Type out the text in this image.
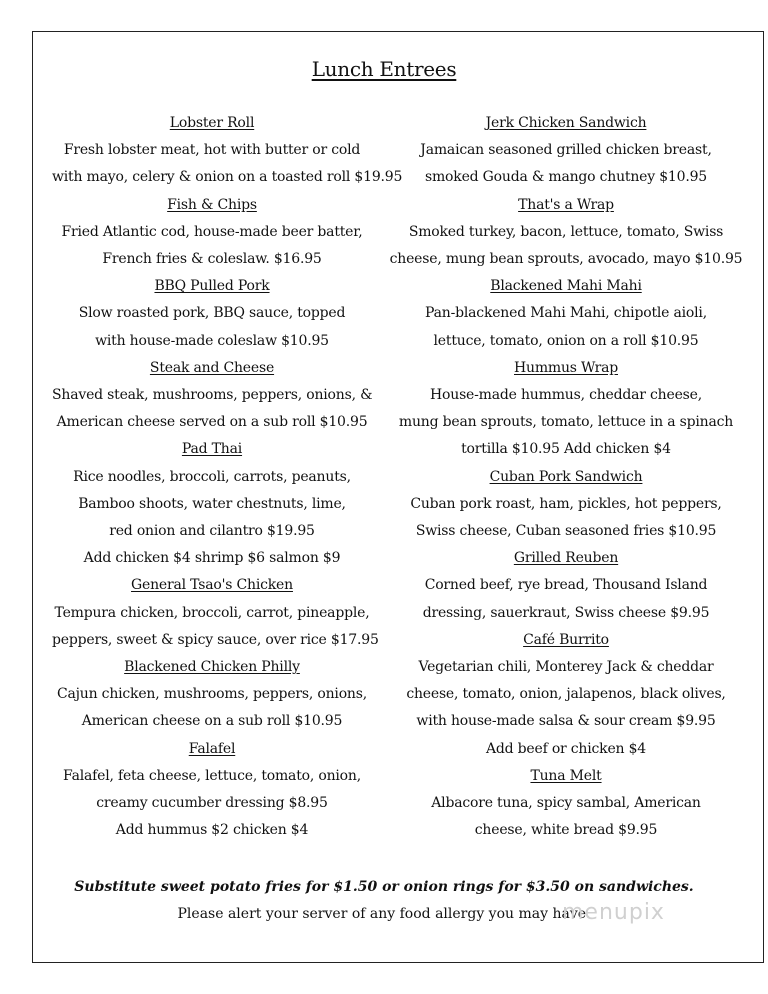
Lunch Entrees
Lobster Roll
Fresh lobster meat, hot with butter or cold
with mayo, celery & onion on a toasted roll $19.95
Fish & Chips
Fried Atlantic cod, house-made beer batter,
French fries & coleslaw. $16.95
BBQ Pulled Pork
Slow roasted pork, BBQ sauce, topped
with house-made coleslaw $10.95
Steak and Cheese
Shaved steak, mushrooms, peppers, onions, &
American cheese served on a sub roll $10.95
Pad Thai
Rice noodles, broccoli, carrots, peanuts,
Bamboo shoots, water chestnuts, lime,
red onion and cilantro $19.95
Add chicken $4 shrimp $6 salmon $9
General Tsao's Chicken
Tempura chicken, broccoli, carrot, pineapple,
peppers, sweet & spicy sauce, over rice $17.95
Blackened Chicken Philly
Cajun chicken, mushrooms, peppers, onions,
American cheese on a sub roll $10.95
Falafel
Falafel, feta cheese, lettuce, tomato, onion,
creamy cucumber dressing $8.95
Add hummus $2 chicken $4
Jerk Chicken Sandwich
Jamaican seasoned grilled chicken breast,
smoked Gouda & mango chutney $10.95
That's a Wrap
Smoked turkey, bacon, lettuce, tomato, Swiss
cheese, mung bean sprouts, avocado, mayo $10.95
Blackened Mahi Mahi
Pan-blackened Mahi Mahi, chipotle aioli,
lettuce, tomato, onion on a roll $10.95
Hummus Wrap
House-made hummus, cheddar cheese,
mung bean sprouts, tomato, lettuce in a spinach
tortilla $10.95 Add chicken $4
Cuban Pork Sandwich
Cuban pork roast, ham, pickles, hot peppers,
Swiss cheese, Cuban seasoned fries $10.95
Grilled Reuben
Corned beef, rye bread, Thousand Island
dressing, sauerkraut, Swiss cheese $9.95
Café Burrito
Vegetarian chili, Monterey Jack & cheddar
cheese, tomato, onion, jalapenos, black olives,
with house-made salsa & sour cream $9.95
Add beef or chicken $4
Tuna Melt
Albacore tuna, spicy sambal, American
cheese, white bread $9.95
Substitute sweet potato fries for $1.50 or onion rings for $3.50 on sandwiches.
Please alert your server of any food allergy you may have.
menupix
